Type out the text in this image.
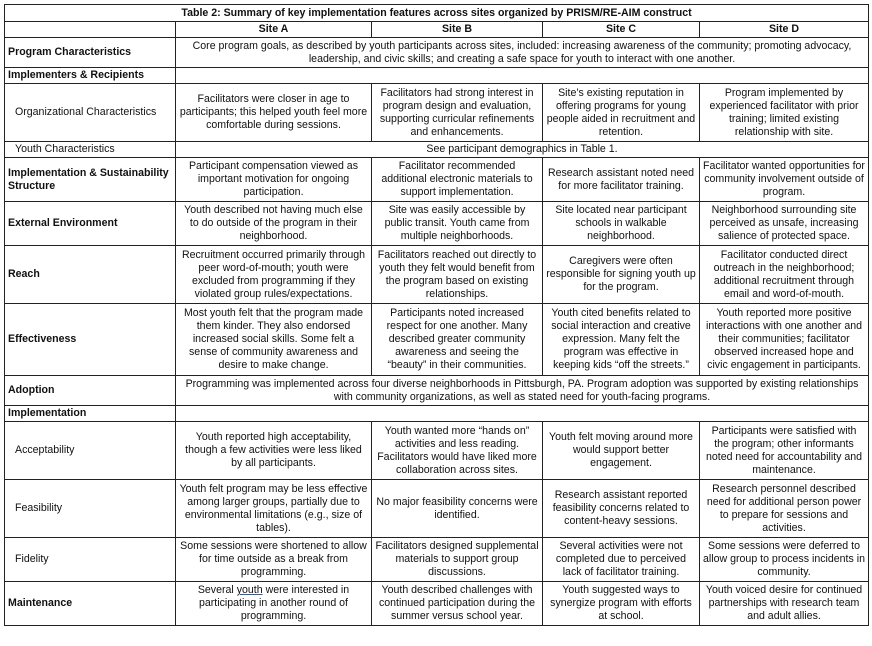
Table 2: Summary of key implementation features across sites organized by PRISM/RE-AIM construct				
	Site A	Site B	Site C	Site D
Program Characteristics	Core program goals, as described by youth participants across sites, included: increasing awareness of the community; promoting advocacy, leadership, and civic skills; and creating a safe space for youth to interact with one another.			
Implementers & Recipients				
Organizational Characteristics	Facilitators were closer in age to participants; this helped youth feel more comfortable during sessions.	Facilitators had strong interest in program design and evaluation, supporting curricular refinements and enhancements.	Site’s existing reputation in offering programs for young people aided in recruitment and retention.	Program implemented by experienced facilitator with prior training; limited existing relationship with site.
Youth Characteristics	See participant demographics in Table 1.			
Implementation & Sustainability Structure	Participant compensation viewed as important motivation for ongoing participation.	Facilitator recommended additional electronic materials to support implementation.	Research assistant noted need for more facilitator training.	Facilitator wanted opportunities for community involvement outside of program.
External Environment	Youth described not having much else to do outside of the program in their neighborhood.	Site was easily accessible by public transit. Youth came from multiple neighborhoods.	Site located near participant schools in walkable neighborhood.	Neighborhood surrounding site perceived as unsafe, increasing salience of protected space.
Reach	Recruitment occurred primarily through peer word-of-mouth; youth were excluded from programming if they violated group rules/expectations.	Facilitators reached out directly to youth they felt would benefit from the program based on existing relationships.	Caregivers were often responsible for signing youth up for the program.	Facilitator conducted direct outreach in the neighborhood; additional recruitment through email and word-of-mouth.
Effectiveness	Most youth felt that the program made them kinder. They also endorsed increased social skills. Some felt a sense of community awareness and desire to make change.	Participants noted increased respect for one another. Many described greater community awareness and seeing the “beauty” in their communities.	Youth cited benefits related to social interaction and creative expression. Many felt the program was effective in keeping kids “off the streets.”	Youth reported more positive interactions with one another and their communities; facilitator observed increased hope and civic engagement in participants.
Adoption	Programming was implemented across four diverse neighborhoods in Pittsburgh, PA. Program adoption was supported by existing relationships with community organizations, as well as stated need for youth-facing programs.			
Implementation				
Acceptability	Youth reported high acceptability, though a few activities were less liked by all participants.	Youth wanted more “hands on” activities and less reading. Facilitators would have liked more collaboration across sites.	Youth felt moving around more would support better engagement.	Participants were satisfied with the program; other informants noted need for accountability and maintenance.
Feasibility	Youth felt program may be less effective among larger groups, partially due to environmental limitations (e.g., size of tables).	No major feasibility concerns were identified.	Research assistant reported feasibility concerns related to content-heavy sessions.	Research personnel described need for additional person power to prepare for sessions and activities.
Fidelity	Some sessions were shortened to allow for time outside as a break from programming.	Facilitators designed supplemental materials to support group discussions.	Several activities were not completed due to perceived lack of facilitator training.	Some sessions were deferred to allow group to process incidents in community.
Maintenance	Several youth were interested in participating in another round of programming.	Youth described challenges with continued participation during the summer versus school year.	Youth suggested ways to synergize program with efforts at school.	Youth voiced desire for continued partnerships with research team and adult allies.
